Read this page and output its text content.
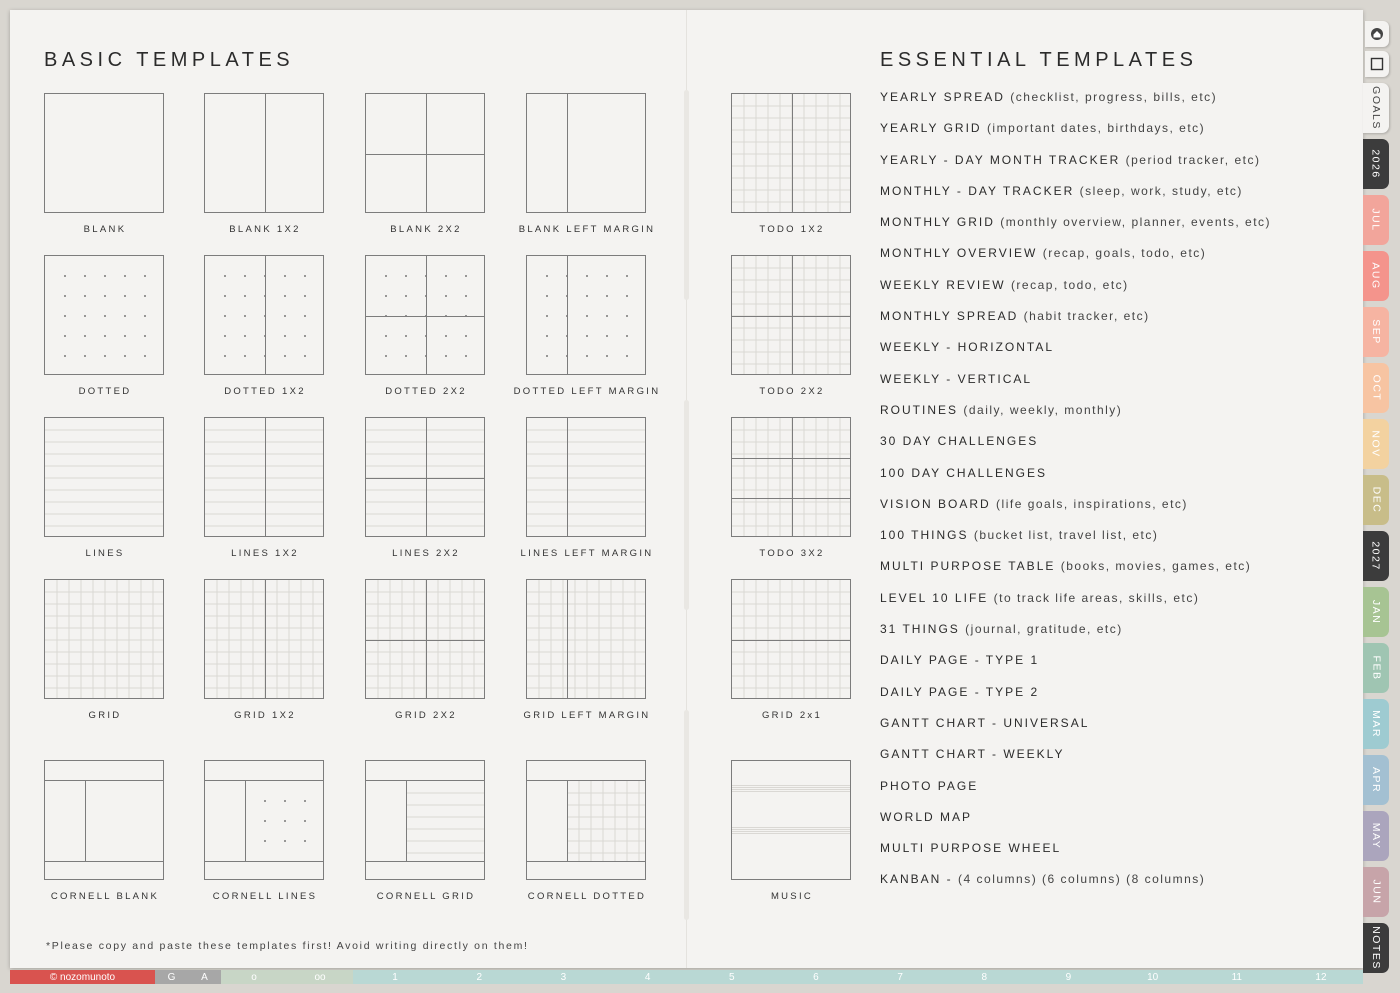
BASIC TEMPLATES	ESSENTIAL TEMPLATES
BLANK	BLANK 1X2	BLANK 2X2	BLANK LEFT MARGIN
DOTTED	DOTTED 1X2	DOTTED 2X2	DOTTED LEFT MARGIN
LINES	LINES 1X2	LINES 2X2	LINES LEFT MARGIN
GRID	GRID 1X2	GRID 2X2	GRID LEFT MARGIN
CORNELL BLANK	CORNELL LINES	CORNELL GRID	CORNELL DOTTED
TODO 1X2
TODO 2X2
TODO 3X2
GRID 2x1
MUSIC
YEARLY SPREAD (checklist, progress, bills, etc)
YEARLY GRID (important dates, birthdays, etc)
YEARLY - DAY MONTH TRACKER (period tracker, etc)
MONTHLY - DAY TRACKER (sleep, work, study, etc)
MONTHLY GRID (monthly overview, planner, events, etc)
MONTHLY OVERVIEW (recap, goals, todo, etc)
WEEKLY REVIEW (recap, todo, etc)
MONTHLY SPREAD (habit tracker, etc)
WEEKLY - HORIZONTAL
WEEKLY - VERTICAL
ROUTINES (daily, weekly, monthly)
30 DAY CHALLENGES
100 DAY CHALLENGES
VISION BOARD (life goals, inspirations, etc)
100 THINGS (bucket list, travel list, etc)
MULTI PURPOSE TABLE (books, movies, games, etc)
LEVEL 10 LIFE (to track life areas, skills, etc)
31 THINGS (journal, gratitude, etc)
DAILY PAGE - TYPE 1
DAILY PAGE - TYPE 2
GANTT CHART - UNIVERSAL
GANTT CHART - WEEKLY
PHOTO PAGE
WORLD MAP
MULTI PURPOSE WHEEL
KANBAN - (4 columns) (6 columns) (8 columns)

*Please copy and paste these templates first! Avoid writing directly on them!

GOALS
2026
JUL
AUG
SEP
OCT
NOV
DEC
2027
JAN
FEB
MAR
APR
MAY
JUN
NOTES
© nozomunoto	G	A	o	oo	1	2	3	4	5	6	7	8	9	10	11	12
